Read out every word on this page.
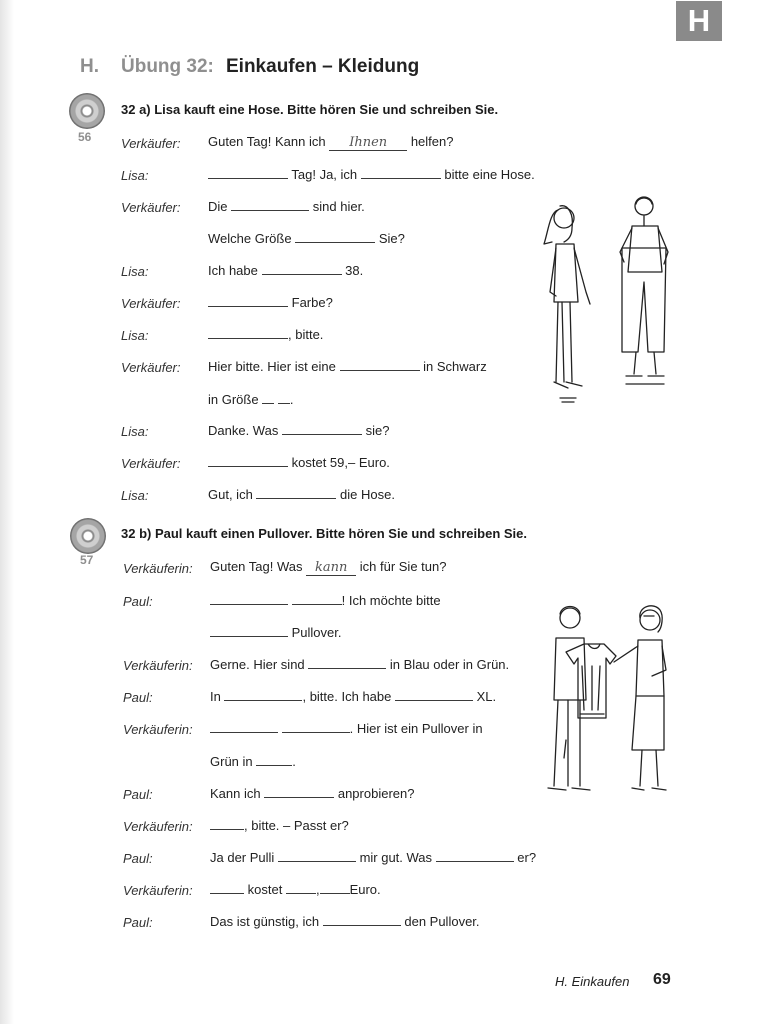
H
H. Übung 32: Einkaufen – Kleidung
56
32 a) Lisa kauft eine Hose. Bitte hören Sie und schreiben Sie.
Verkäufer: Guten Tag! Kann ich Ihnen helfen?
Lisa:	Tag! Ja, ich	bitte eine Hose.
Verkäufer: Die	sind hier.
Welche Größe	Sie?
Lisa:	Ich habe	38.
Verkäufer:	Farbe?
Lisa:	, bitte.
Verkäufer: Hier bitte. Hier ist eine	in Schwarz
in Größe .
Lisa:	Danke. Was	sie?
Verkäufer:	kostet 59,– Euro.
Lisa:	Gut, ich	die Hose.
57
32 b) Paul kauft einen Pullover. Bitte hören Sie und schreiben Sie.
Verkäuferin: Guten Tag! Was kann ich für Sie tun?
Paul:	! Ich möchte bitte
Pullover.
Verkäuferin: Gerne. Hier sind	in Blau oder in Grün.
Paul:	In	, bitte. Ich habe	XL.
Verkäuferin:	. Hier ist ein Pullover in
Grün in	.
Paul:	Kann ich	anprobieren?
Verkäuferin:	, bitte. – Passt er?
Paul:	Ja der Pulli	mir gut. Was	er?
Verkäuferin:	kostet	, Euro.
Paul:	Das ist günstig, ich	den Pullover.
H. Einkaufen 69
